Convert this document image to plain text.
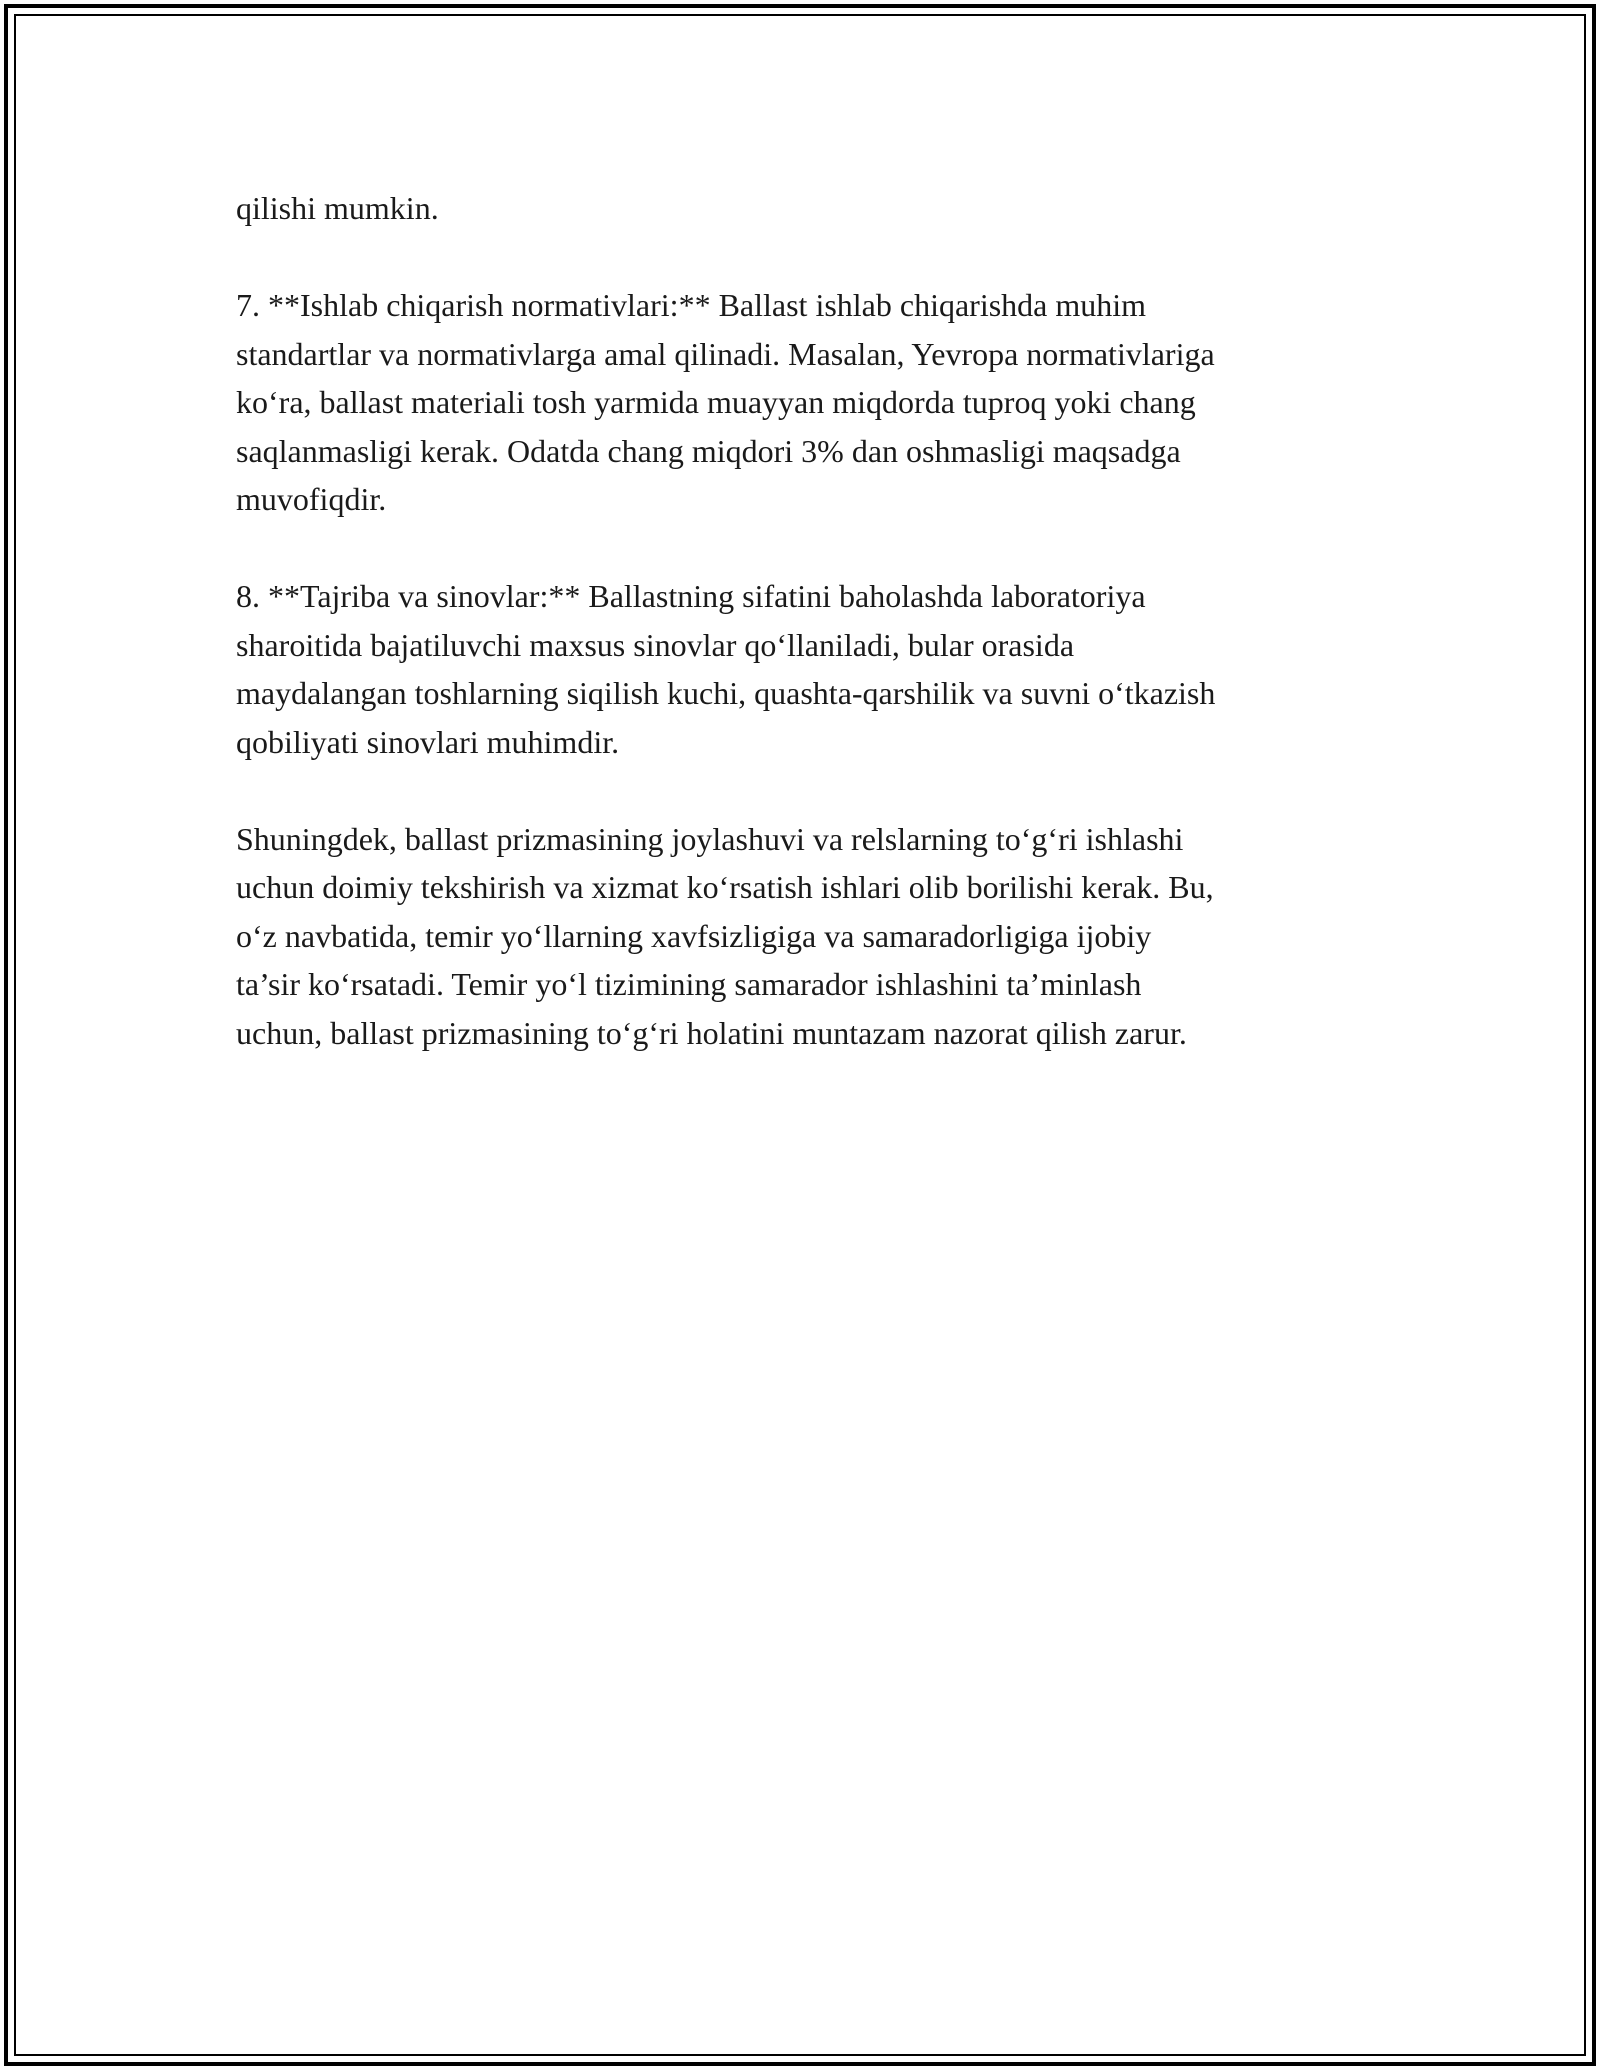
qilishi mumkin.

7. **Ishlab chiqarish normativlari:** Ballast ishlab chiqarishda muhim
standartlar va normativlarga amal qilinadi. Masalan, Yevropa normativlariga
ko‘ra, ballast materiali tosh yarmida muayyan miqdorda tuproq yoki chang
saqlanmasligi kerak. Odatda chang miqdori 3% dan oshmasligi maqsadga
muvofiqdir.

8. **Tajriba va sinovlar:** Ballastning sifatini baholashda laboratoriya
sharoitida bajatiluvchi maxsus sinovlar qo‘llaniladi, bular orasida
maydalangan toshlarning siqilish kuchi, quashta-qarshilik va suvni o‘tkazish
qobiliyati sinovlari muhimdir.

Shuningdek, ballast prizmasining joylashuvi va relslarning to‘g‘ri ishlashi
uchun doimiy tekshirish va xizmat ko‘rsatish ishlari olib borilishi kerak. Bu,
o‘z navbatida, temir yo‘llarning xavfsizligiga va samaradorligiga ijobiy
ta’sir ko‘rsatadi. Temir yo‘l tizimining samarador ishlashini ta’minlash
uchun, ballast prizmasining to‘g‘ri holatini muntazam nazorat qilish zarur.
